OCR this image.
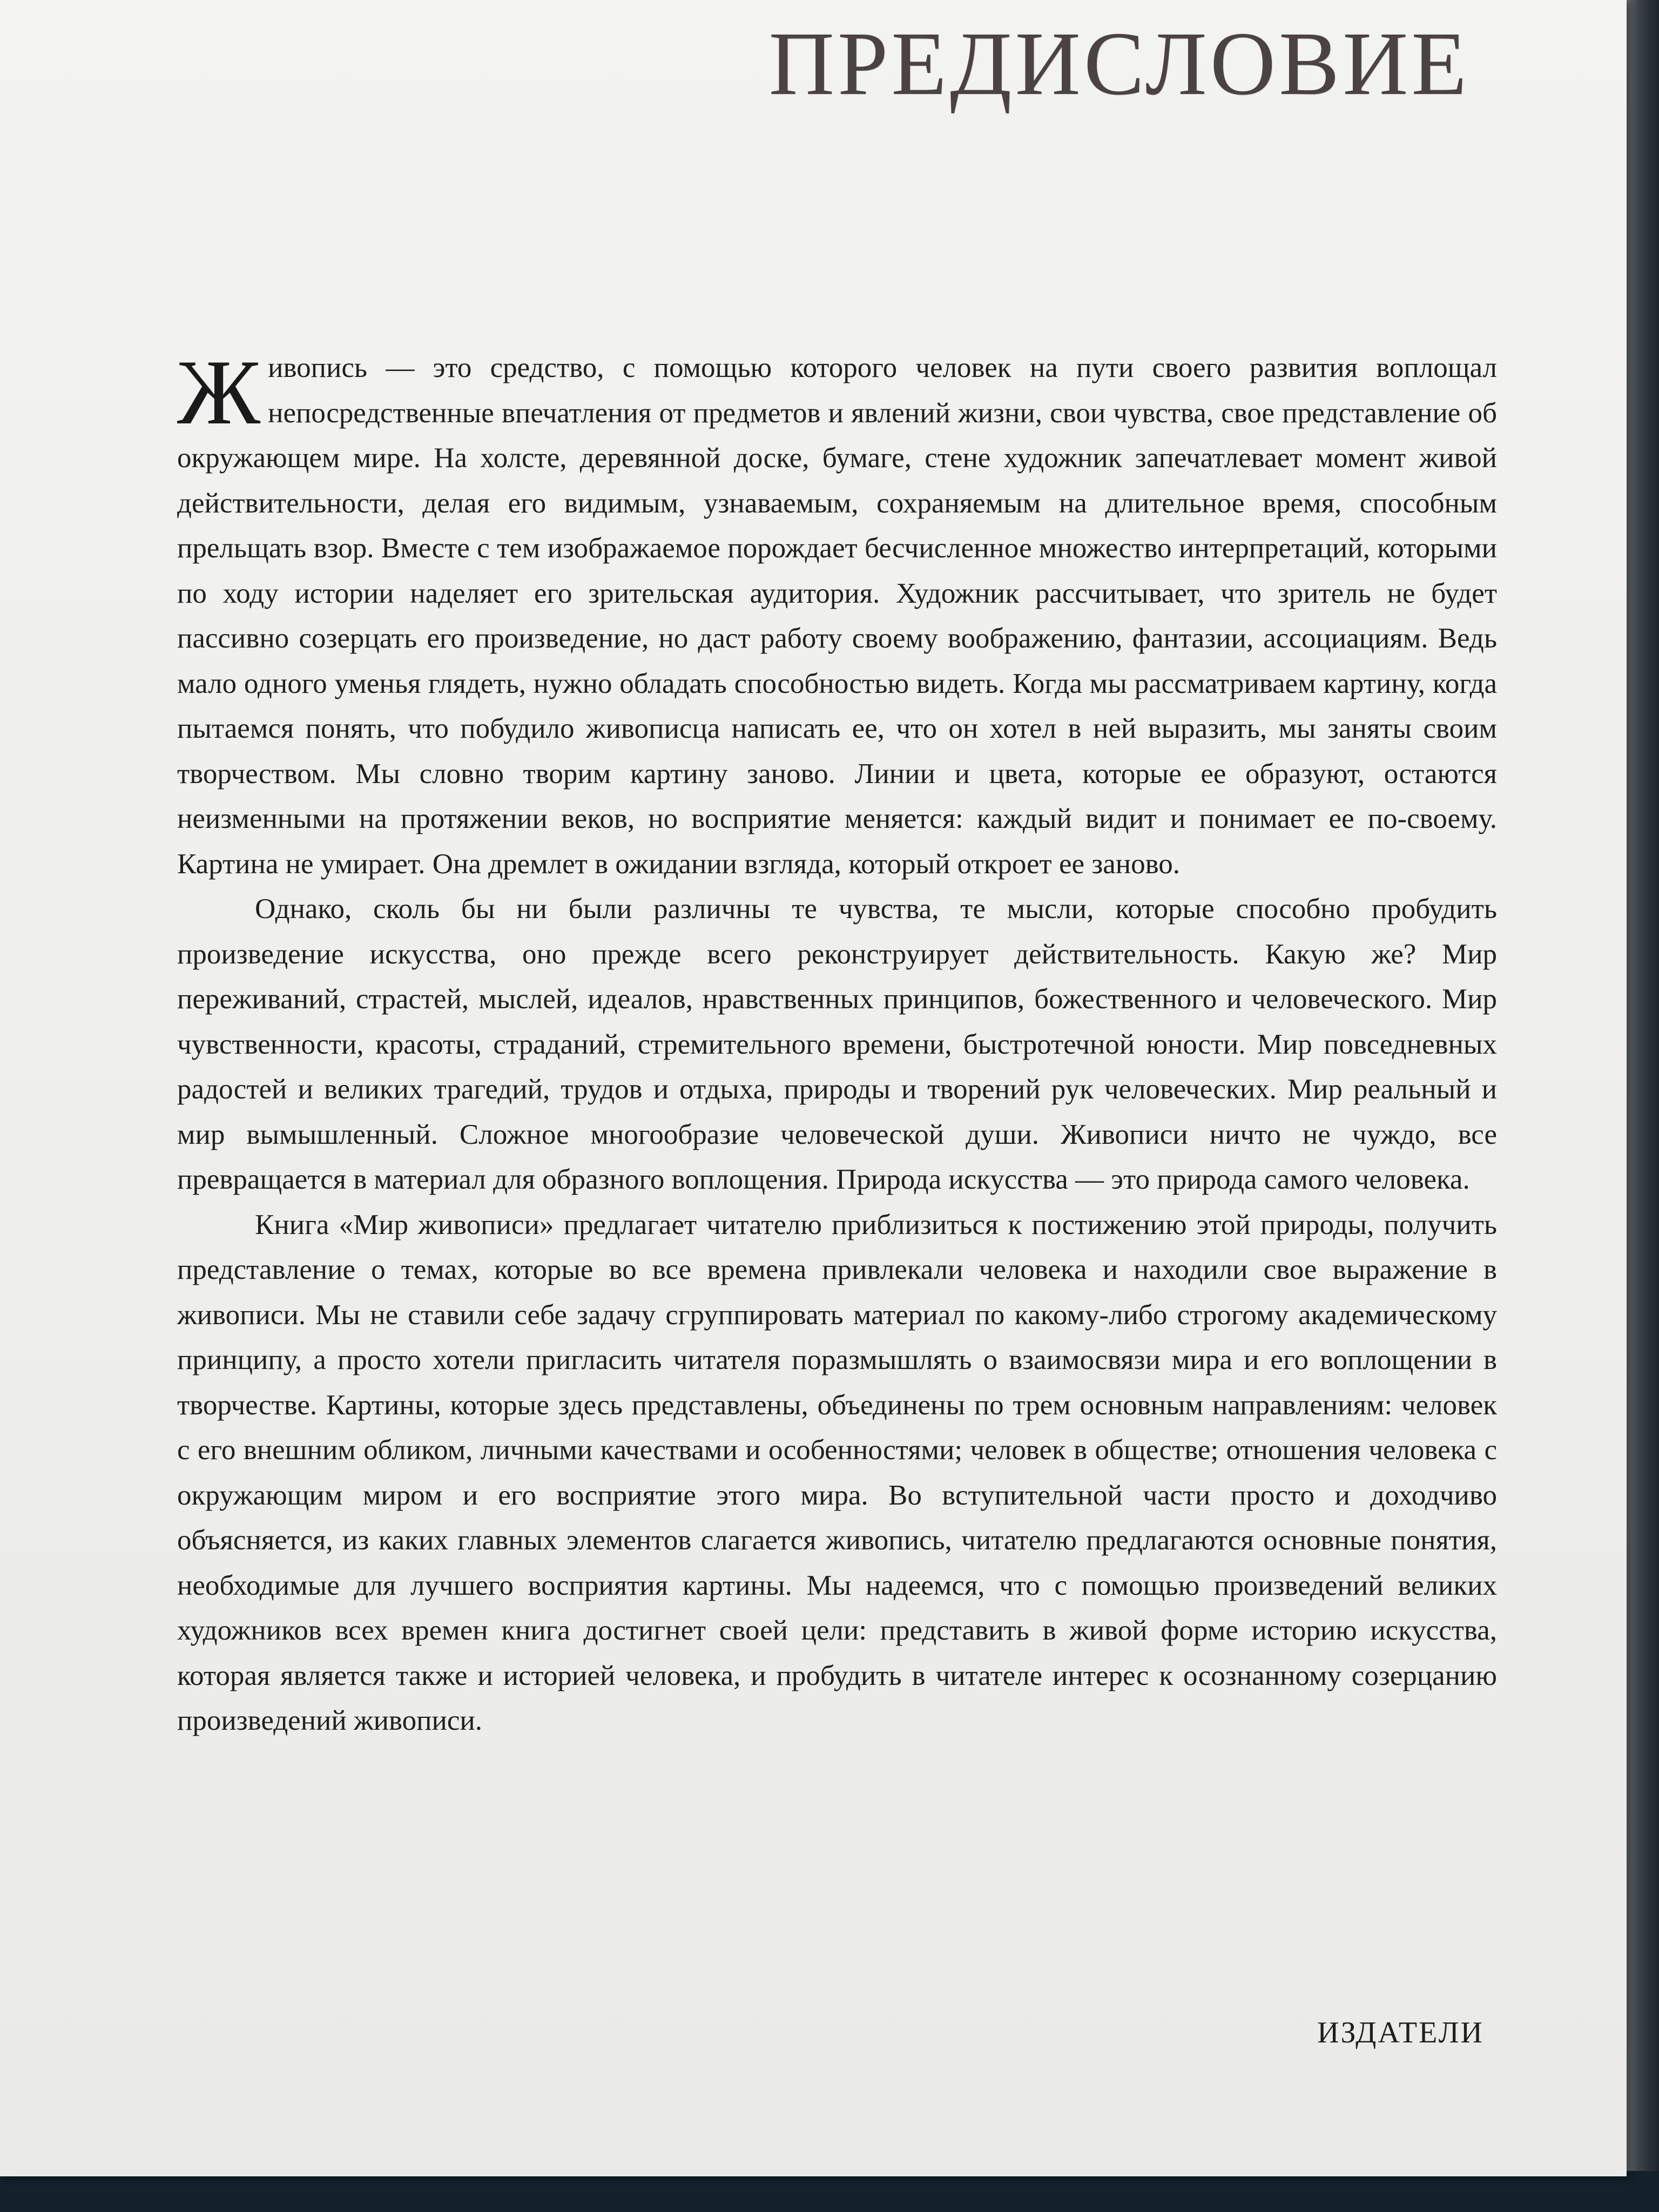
ПРЕДИСЛОВИЕ

Живопись — это средство, с помощью которого человек на пути своего развития воплощал непосредственные впечатления от предметов и явлений жизни, свои чувства, свое представление об окружающем мире. На холсте, деревянной доске, бумаге, стене художник запечатлевает момент живой действительности, делая его видимым, узнаваемым, сохраняемым на длительное время, способным прельщать взор. Вместе с тем изображаемое порождает бесчисленное множество интерпретаций, которыми по ходу истории наделяет его зрительская аудитория. Художник рассчитывает, что зритель не будет пассивно созерцать его произведение, но даст работу своему воображению, фантазии, ассоциациям. Ведь мало одного уменья глядеть, нужно обладать способностью видеть. Когда мы рассматриваем картину, когда пытаемся понять, что побудило живописца написать ее, что он хотел в ней выразить, мы заняты своим творчеством. Мы словно творим картину заново. Линии и цвета, которые ее образуют, остаются неизменными на протяжении веков, но восприятие меняется: каждый видит и понимает ее по-своему. Картина не умирает. Она дремлет в ожидании взгляда, который откроет ее заново.

Однако, сколь бы ни были различны те чувства, те мысли, которые способно пробудить произведение искусства, оно прежде всего реконструирует действительность. Какую же? Мир переживаний, страстей, мыслей, идеалов, нравственных принципов, божественного и человеческого. Мир чувственности, красоты, страданий, стремительного времени, быстротечной юности. Мир повседневных радостей и великих трагедий, трудов и отдыха, природы и творений рук человеческих. Мир реальный и мир вымышленный. Сложное многообразие человеческой души. Живописи ничто не чуждо, все превращается в материал для образного воплощения. Природа искусства — это природа самого человека.

Книга «Мир живописи» предлагает читателю приблизиться к постижению этой природы, получить представление о темах, которые во все времена привлекали человека и находили свое выражение в живописи. Мы не ставили себе задачу сгруппировать материал по какому-либо строгому академическому принципу, а просто хотели пригласить читателя поразмышлять о взаимосвязи мира и его воплощении в творчестве. Картины, которые здесь представлены, объединены по трем основным направлениям: человек с его внешним обликом, личными качествами и особенностями; человек в обществе; отношения человека с окружающим миром и его восприятие этого мира. Во вступительной части просто и доходчиво объясняется, из каких главных элементов слагается живопись, читателю предлагаются основные понятия, необходимые для лучшего восприятия картины. Мы надеемся, что с помощью произведений великих художников всех времен книга достигнет своей цели: представить в живой форме историю искусства, которая является также и историей человека, и пробудить в читателе интерес к осознанному созерцанию произведений живописи.

ИЗДАТЕЛИ
